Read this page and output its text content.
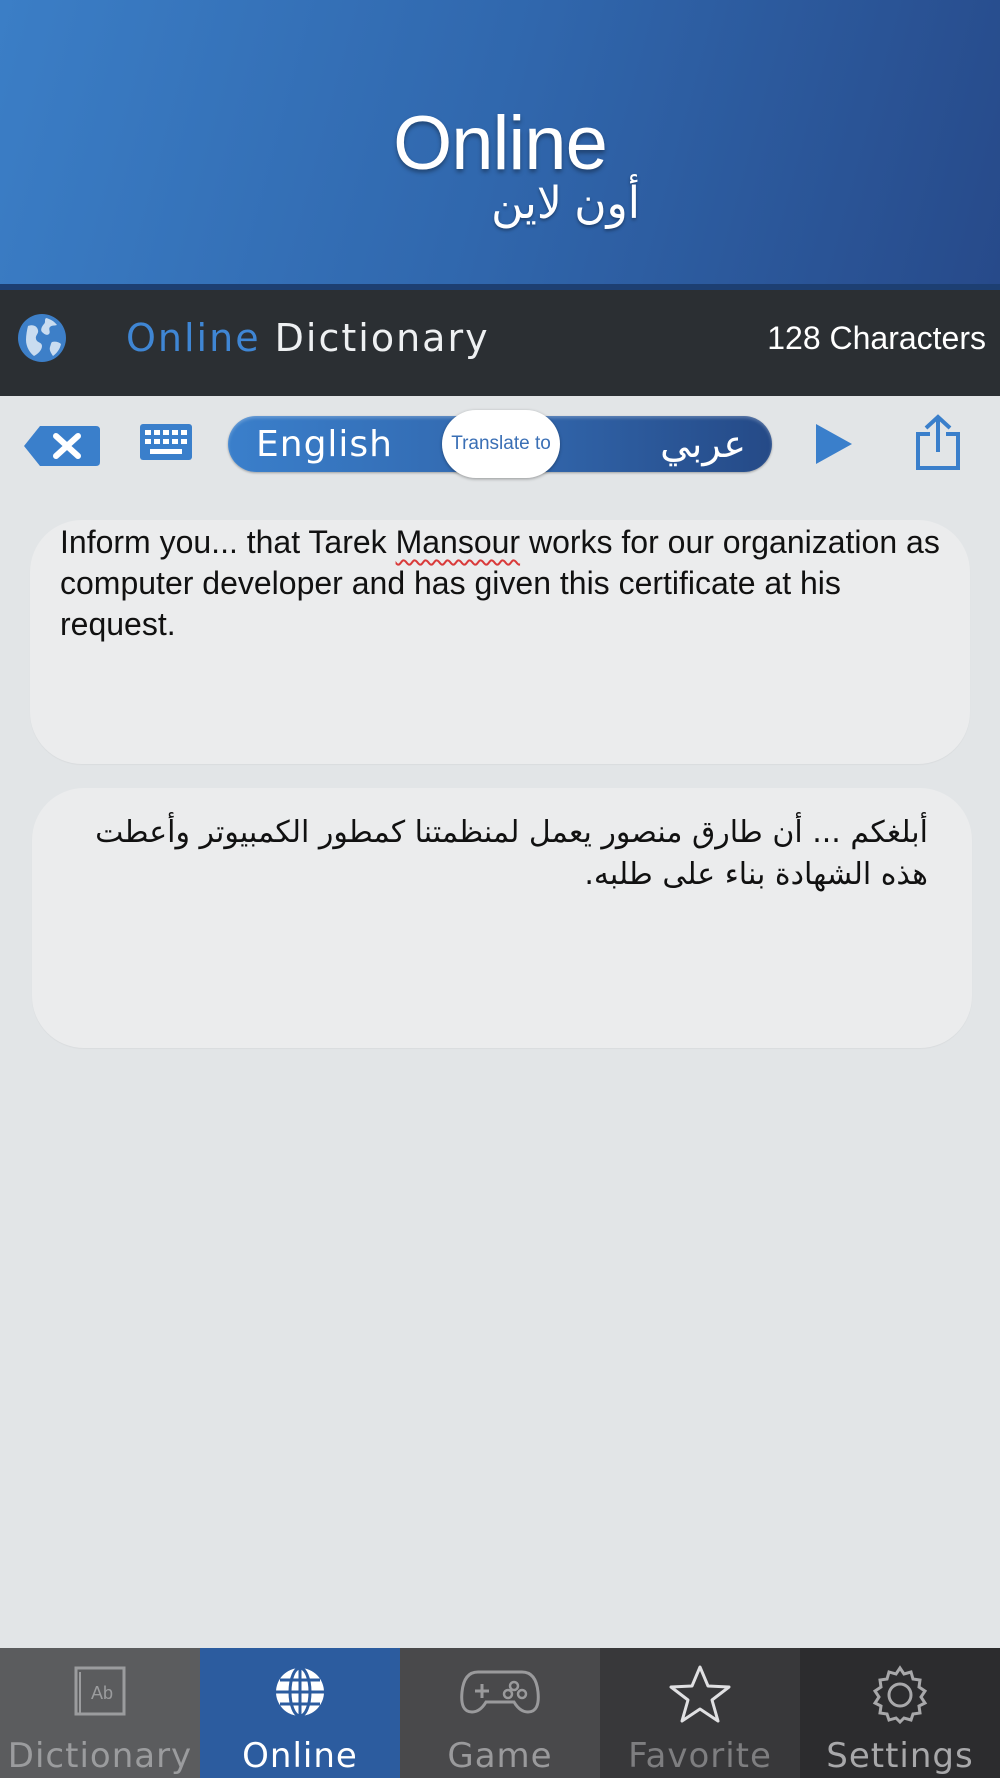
Online
أون لاين
Online Dictionary	128 Characters
English	Translate to	عربي
Inform you... that Tarek Mansour works for our organization as computer developer and has given this certificate at his request.
أبلغكم ... أن طارق منصور يعمل لمنظمتنا كمطور الكمبيوتر وأعطت هذه الشهادة بناء على طلبه.
Ab
Dictionary	Online	Game	Favorite	Settings
